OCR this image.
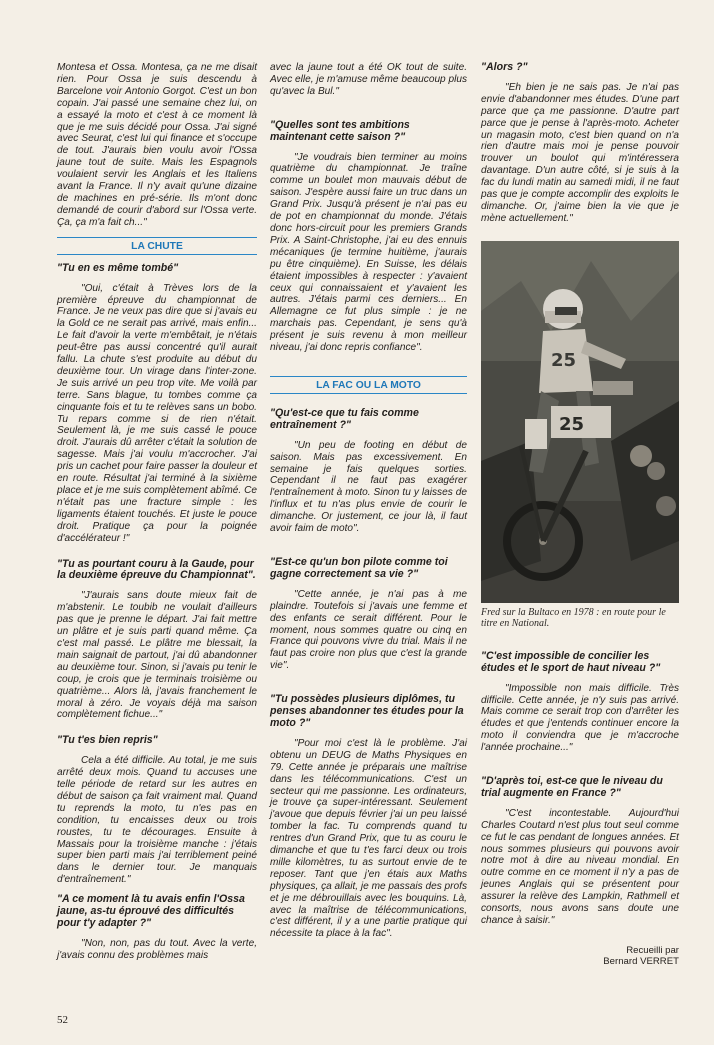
Montesa et Ossa. Montesa, ça ne me disait rien. Pour Ossa je suis descendu à Barcelone voir Antonio Gorgot. C'est un bon copain. J'ai passé une semaine chez lui, on a essayé la moto et c'est à ce moment là que je me suis décidé pour Ossa. J'ai signé avec Seurat, c'est lui qui finance et s'occupe de tout. J'aurais bien voulu avoir l'Ossa jaune tout de suite. Mais les Espagnols voulaient servir les Anglais et les Italiens avant la France. Il n'y avait qu'une dizaine de machines en pré-série. Ils m'ont donc demandé de courir d'abord sur l'Ossa verte. Ça, ça m'a fait ch..."

LA CHUTE
"Tu en es même tombé"

"Oui, c'était à Trèves lors de la première épreuve du championnat de France. Je ne veux pas dire que si j'avais eu la Gold ce ne serait pas arrivé, mais enfin... Le fait d'avoir la verte m'embêtait, je n'étais peut-être pas aussi concentré qu'il aurait fallu. La chute s'est produite au début du deuxième tour. Un virage dans l'inter-zone. Je suis arrivé un peu trop vite. Me voilà par terre. Sans blague, tu tombes comme ça cinquante fois et tu te relèves sans un bobo. Tu repars comme si de rien n'était. Seulement là, je me suis cassé le pouce droit. J'aurais dû arrêter c'était la solution de sagesse. Mais j'ai voulu m'accrocher. J'ai pris un cachet pour faire passer la douleur et en route. Résultat j'ai terminé à la sixième place et je me suis complètement abîmé. Ce n'était pas une fracture simple : les ligaments étaient touchés. Et juste le pouce droit. Pratique ça pour la poignée d'accélérateur !"

"Tu as pourtant couru à la Gaude, pour la deuxième épreuve du Championnat".

"J'aurais sans doute mieux fait de m'abstenir. Le toubib ne voulait d'ailleurs pas que je prenne le départ. J'ai fait mettre un plâtre et je suis parti quand même. Ça c'est mal passé. Le plâtre me blessait, la main saignait de partout, j'ai dû abandonner au deuxième tour. Sinon, si j'avais pu tenir le coup, je crois que je terminais troisième ou quatrième... Alors là, j'avais franchement le moral à zéro. Je voyais déjà ma saison complètement fichue..."

"Tu t'es bien repris"

Cela a été difficile. Au total, je me suis arrêté deux mois. Quand tu accuses une telle période de retard sur les autres en début de saison ça fait vraiment mal. Quand tu reprends la moto, tu n'es pas en condition, tu encaisses deux ou trois roustes, tu te décourages. Ensuite à Massais pour la troisième manche : j'étais super bien parti mais j'ai terriblement peiné dans le dernier tour. Je manquais d'entraînement."

"A ce moment là tu avais enfin l'Ossa jaune, as-tu éprouvé des difficultés pour t'y adapter ?"

"Non, non, pas du tout. Avec la verte, j'avais connu des problèmes mais

avec la jaune tout a été OK tout de suite. Avec elle, je m'amuse même beaucoup plus qu'avec la Bul."

"Quelles sont tes ambitions maintenant cette saison ?"

"Je voudrais bien terminer au moins quatrième du championnat. Je traîne comme un boulet mon mauvais début de saison. J'espère aussi faire un truc dans un Grand Prix. Jusqu'à présent je n'ai pas eu de pot en championnat du monde. J'étais donc hors-circuit pour les premiers Grands Prix. A Saint-Christophe, j'ai eu des ennuis mécaniques (je termine huitième, j'aurais pu être cinquième). En Suisse, les délais étaient impossibles à respecter : y'avaient ceux qui connaissaient et y'avaient les autres. J'étais parmi ces derniers... En Allemagne ce fut plus simple : je ne marchais pas. Cependant, je sens qu'à présent je suis revenu à mon meilleur niveau, j'ai donc repris confiance".

LA FAC OU LA MOTO
"Qu'est-ce que tu fais comme entraînement ?"

"Un peu de footing en début de saison. Mais pas excessivement. En semaine je fais quelques sorties. Cependant il ne faut pas exagérer l'entraînement à moto. Sinon tu y laisses de l'influx et tu n'as plus envie de courir le dimanche. Or justement, ce jour là, il faut avoir faim de moto".

"Est-ce qu'un bon pilote comme toi gagne correctement sa vie ?"

"Cette année, je n'ai pas à me plaindre. Toutefois si j'avais une femme et des enfants ce serait différent. Pour le moment, nous sommes quatre ou cinq en France qui pouvons vivre du trial. Mais il ne faut pas croire non plus que c'est la grande vie".

"Tu possèdes plusieurs diplômes, tu penses abandonner tes études pour la moto ?"

"Pour moi c'est là le problème. J'ai obtenu un DEUG de Maths Physiques en 79. Cette année je préparais une maîtrise dans les télécommunications. C'est un secteur qui me passionne. Les ordinateurs, je trouve ça super-intéressant. Seulement j'avoue que depuis février j'ai un peu laissé tomber la fac. Tu comprends quand tu rentres d'un Grand Prix, que tu as couru le dimanche et que tu t'es farci deux ou trois mille kilomètres, tu as surtout envie de te reposer. Tant que j'en étais aux Maths physiques, ça allait, je me passais des profs et je me débrouillais avec les bouquins. Là, avec la maîtrise de télécommunications, c'est différent, il y a une partie pratique qui nécessite ta place à la fac".

"Alors ?"

"Eh bien je ne sais pas. Je n'ai pas envie d'abandonner mes études. D'une part parce que ça me passionne. D'autre part parce que je pense à l'après-moto. Acheter un magasin moto, c'est bien quand on n'a rien d'autre mais moi je pense pouvoir trouver un boulot qui m'intéressera davantage. D'un autre côté, si je suis à la fac du lundi matin au samedi midi, il ne faut pas que je compte accomplir des exploits le dimanche. Or, j'aime bien la vie que je mène actuellement."

25
25
Fred sur la Bultaco en 1978 : en route pour le titre en National.
"C'est impossible de concilier les études et le sport de haut niveau ?"

"Impossible non mais difficile. Très difficile. Cette année, je n'y suis pas arrivé. Mais comme ce serait trop con d'arrêter les études et que j'entends continuer encore la moto il conviendra que je m'accroche l'année prochaine..."

"D'après toi, est-ce que le niveau du trial augmente en France ?"

"C'est incontestable. Aujourd'hui Charles Coutard n'est plus tout seul comme ce fut le cas pendant de longues années. Et nous sommes plusieurs qui pouvons avoir notre mot à dire au niveau mondial. En outre comme en ce moment il n'y a pas de jeunes Anglais qui se présentent pour assurer la relève des Lampkin, Rathmell et consorts, nous avons sans doute une chance à saisir."

Recueilli par
Bernard VERRET
52
